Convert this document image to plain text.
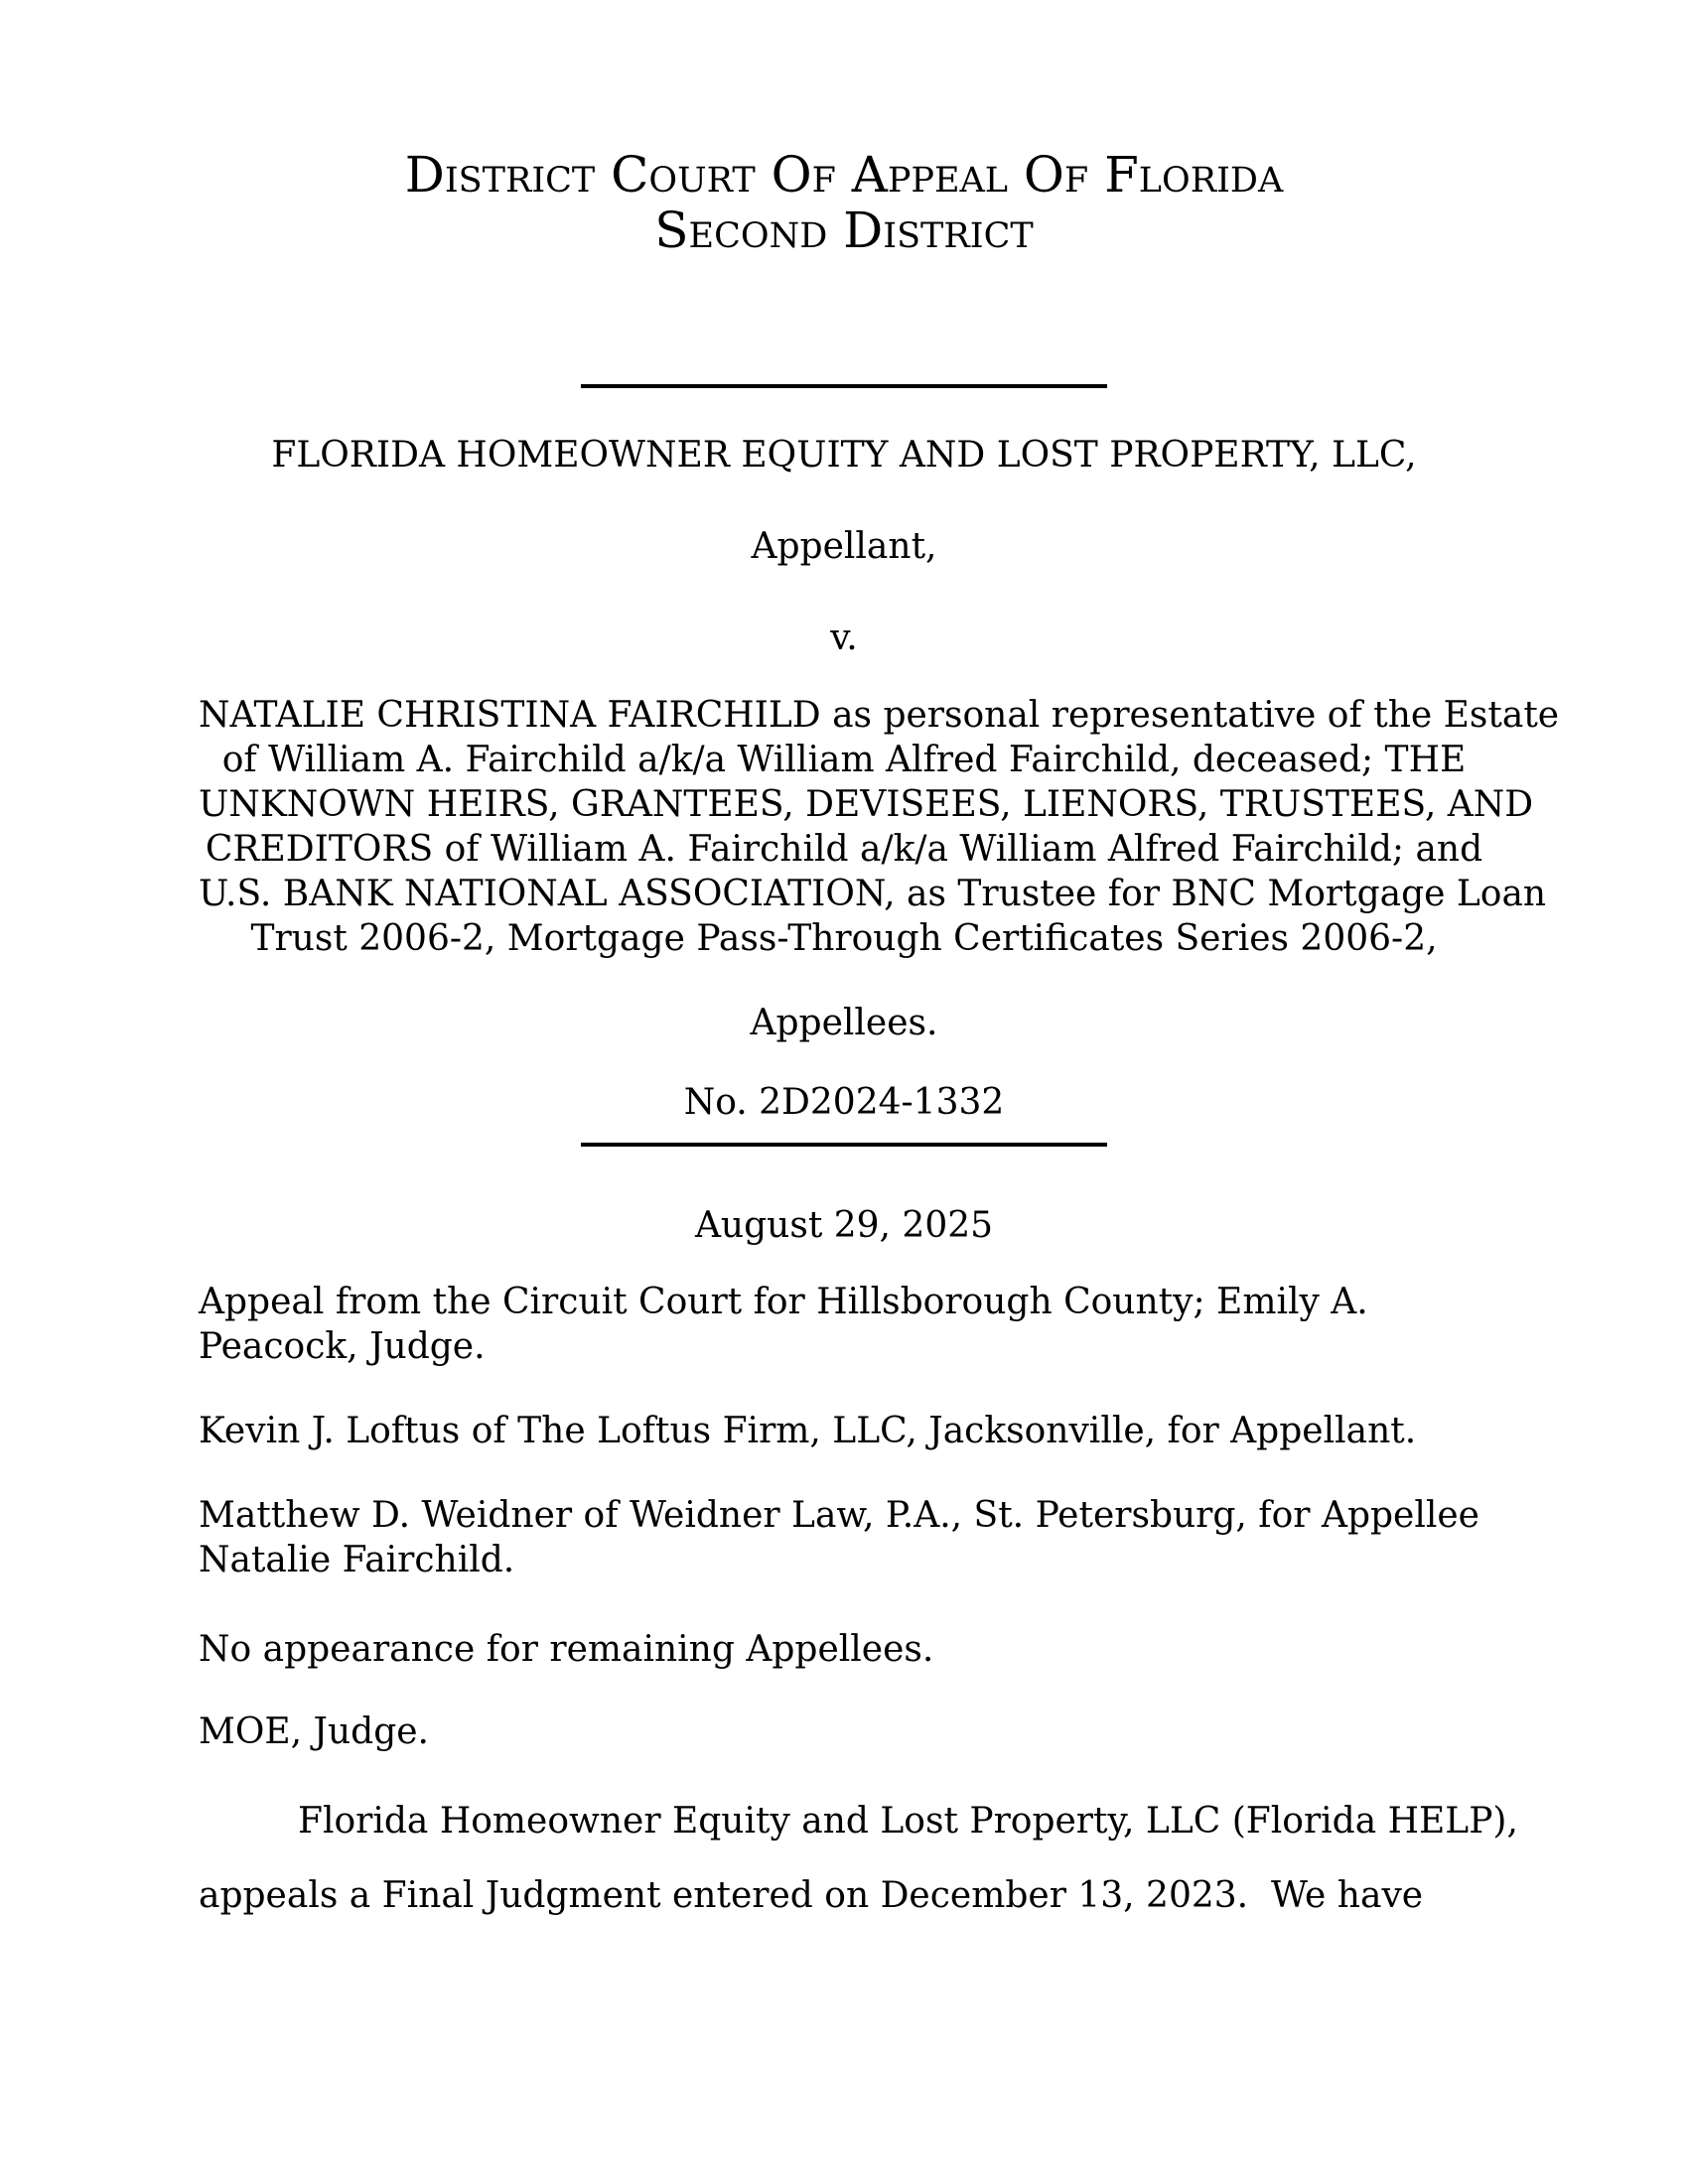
District Court Of Appeal Of Florida
Second District
FLORIDA HOMEOWNER EQUITY AND LOST PROPERTY, LLC,
Appellant,
v.
NATALIE CHRISTINA FAIRCHILD as personal representative of the Estate
of William A. Fairchild a/k/a William Alfred Fairchild, deceased; THE
UNKNOWN HEIRS, GRANTEES, DEVISEES, LIENORS, TRUSTEES, AND
CREDITORS of William A. Fairchild a/k/a William Alfred Fairchild; and
U.S. BANK NATIONAL ASSOCIATION, as Trustee for BNC Mortgage Loan
Trust 2006-2, Mortgage Pass-Through Certificates Series 2006-2,
Appellees.
No. 2D2024-1332
August 29, 2025
Appeal from the Circuit Court for Hillsborough County; Emily A.
Peacock, Judge.
Kevin J. Loftus of The Loftus Firm, LLC, Jacksonville, for Appellant.
Matthew D. Weidner of Weidner Law, P.A., St. Petersburg, for Appellee
Natalie Fairchild.
No appearance for remaining Appellees.
MOE, Judge.
Florida Homeowner Equity and Lost Property, LLC (Florida HELP),
appeals a Final Judgment entered on December 13, 2023.  We have
